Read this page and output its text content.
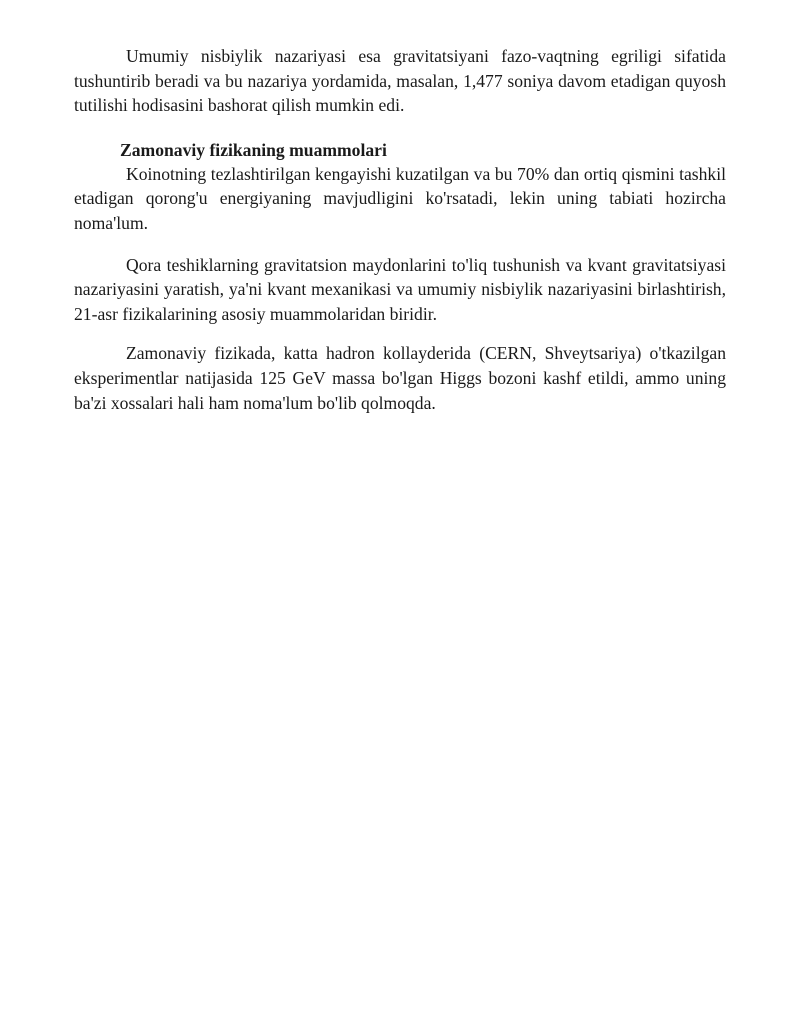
Umumiy nisbiylik nazariyasi esa gravitatsiyani fazo-vaqtning egriligi sifatida tushuntirib beradi va bu nazariya yordamida, masalan, 1,477 soniya davom etadigan quyosh tutilishi hodisasini bashorat qilish mumkin edi.

Zamonaviy fizikaning muammolari

Koinotning tezlashtirilgan kengayishi kuzatilgan va bu 70% dan ortiq qismini tashkil etadigan qorong'u energiyaning mavjudligini ko'rsatadi, lekin uning tabiati hozircha noma'lum.

Qora teshiklarning gravitatsion maydonlarini to'liq tushunish va kvant gravitatsiyasi nazariyasini yaratish, ya'ni kvant mexanikasi va umumiy nisbiylik nazariyasini birlashtirish, 21-asr fizikalarining asosiy muammolaridan biridir.

Zamonaviy fizikada, katta hadron kollayderida (CERN, Shveytsariya) o'tkazilgan eksperimentlar natijasida 125 GeV massa bo'lgan Higgs bozoni kashf etildi, ammo uning ba'zi xossalari hali ham noma'lum bo'lib qolmoqda.
